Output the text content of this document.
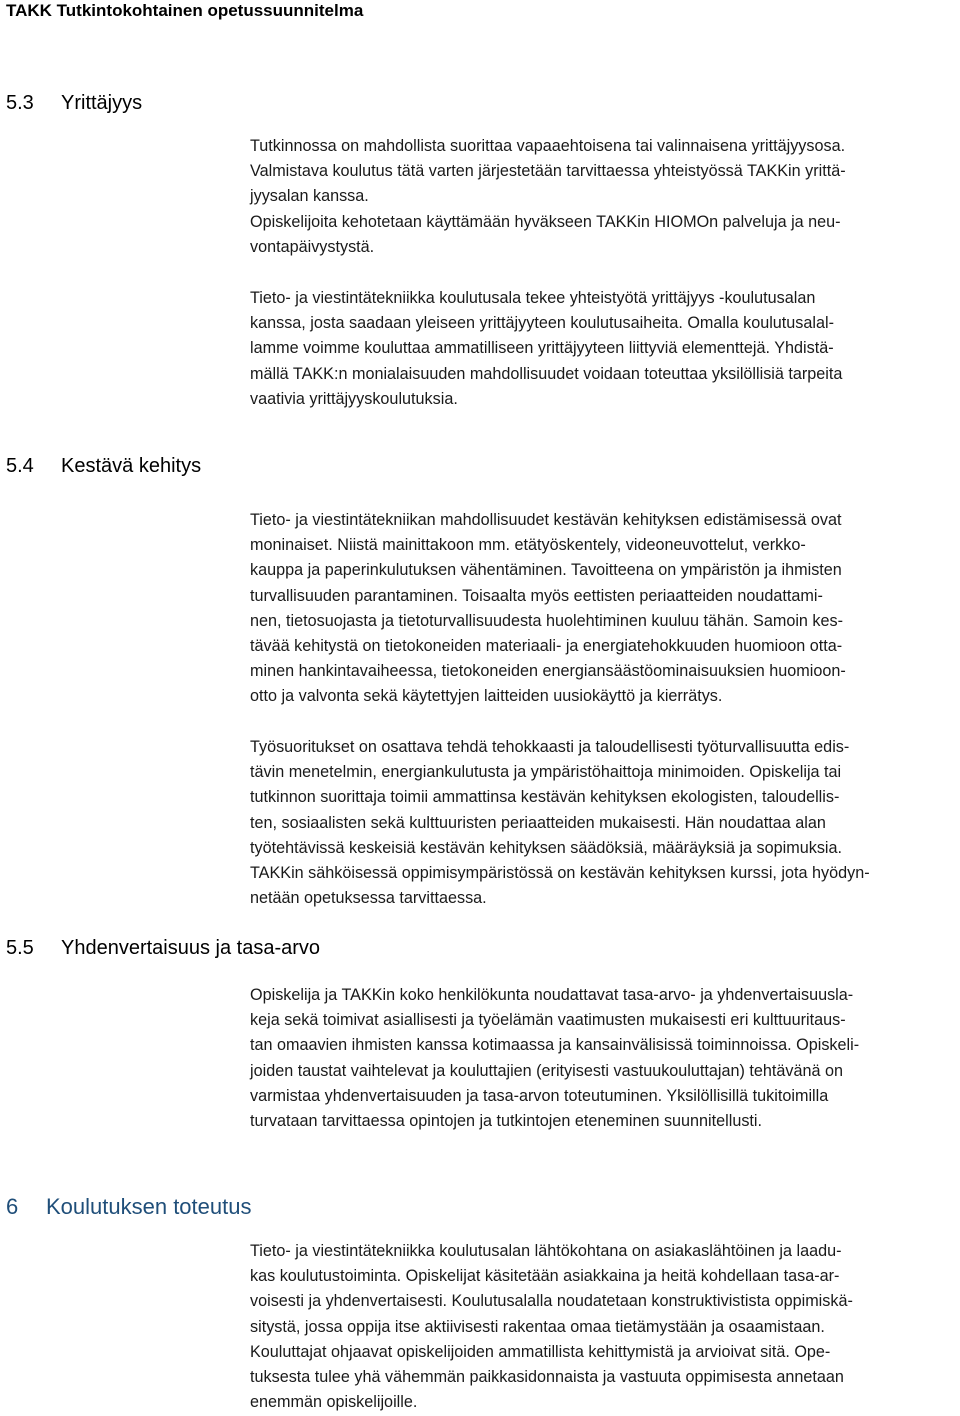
TAKK Tutkintokohtainen opetussuunnitelma
5.3 Yrittäjyys
5.4 Kestävä kehitys
5.5 Yhdenvertaisuus ja tasa-arvo
6 Koulutuksen toteutus
Tutkinnossa on mahdollista suorittaa vapaaehtoisena tai valinnaisena yrittäjyysosa.
Valmistava koulutus tätä varten järjestetään tarvittaessa yhteistyössä TAKKin yrittä-
jyysalan kanssa.
Opiskelijoita kehotetaan käyttämään hyväkseen TAKKin HIOMOn palveluja ja neu-
vontapäivystystä.
Tieto- ja viestintätekniikka koulutusala tekee yhteistyötä yrittäjyys -koulutusalan
kanssa, josta saadaan yleiseen yrittäjyyteen koulutusaiheita. Omalla koulutusalal-
lamme voimme kouluttaa ammatilliseen yrittäjyyteen liittyviä elementtejä. Yhdistä-
mällä TAKK:n monialaisuuden mahdollisuudet voidaan toteuttaa yksilöllisiä tarpeita
vaativia yrittäjyyskoulutuksia.
Tieto- ja viestintätekniikan mahdollisuudet kestävän kehityksen edistämisessä ovat
moninaiset. Niistä mainittakoon mm. etätyöskentely, videoneuvottelut, verkko-
kauppa ja paperinkulutuksen vähentäminen. Tavoitteena on ympäristön ja ihmisten
turvallisuuden parantaminen. Toisaalta myös eettisten periaatteiden noudattami-
nen, tietosuojasta ja tietoturvallisuudesta huolehtiminen kuuluu tähän. Samoin kes-
tävää kehitystä on tietokoneiden materiaali- ja energiatehokkuuden huomioon otta-
minen hankintavaiheessa, tietokoneiden energiansäästöominaisuuksien huomioon-
otto ja valvonta sekä käytettyjen laitteiden uusiokäyttö ja kierrätys.
Työsuoritukset on osattava tehdä tehokkaasti ja taloudellisesti työturvallisuutta edis-
tävin menetelmin, energiankulutusta ja ympäristöhaittoja minimoiden. Opiskelija tai
tutkinnon suorittaja toimii ammattinsa kestävän kehityksen ekologisten, taloudellis-
ten, sosiaalisten sekä kulttuuristen periaatteiden mukaisesti. Hän noudattaa alan
työtehtävissä keskeisiä kestävän kehityksen säädöksiä, määräyksiä ja sopimuksia.
TAKKin sähköisessä oppimisympäristössä on kestävän kehityksen kurssi, jota hyödyn-
netään opetuksessa tarvittaessa.
Opiskelija ja TAKKin koko henkilökunta noudattavat tasa-arvo- ja yhdenvertaisuusla-
keja sekä toimivat asiallisesti ja työelämän vaatimusten mukaisesti eri kulttuuritaus-
tan omaavien ihmisten kanssa kotimaassa ja kansainvälisissä toiminnoissa. Opiskeli-
joiden taustat vaihtelevat ja kouluttajien (erityisesti vastuukouluttajan) tehtävänä on
varmistaa yhdenvertaisuuden ja tasa-arvon toteutuminen. Yksilöllisillä tukitoimilla
turvataan tarvittaessa opintojen ja tutkintojen eteneminen suunnitellusti.
Tieto- ja viestintätekniikka koulutusalan lähtökohtana on asiakaslähtöinen ja laadu-
kas koulutustoiminta. Opiskelijat käsitetään asiakkaina ja heitä kohdellaan tasa-ar-
voisesti ja yhdenvertaisesti. Koulutusalalla noudatetaan konstruktivistista oppimiskä-
sitystä, jossa oppija itse aktiivisesti rakentaa omaa tietämystään ja osaamistaan.
Kouluttajat ohjaavat opiskelijoiden ammatillista kehittymistä ja arvioivat sitä. Ope-
tuksesta tulee yhä vähemmän paikkasidonnaista ja vastuuta oppimisesta annetaan
enemmän opiskelijoille.
